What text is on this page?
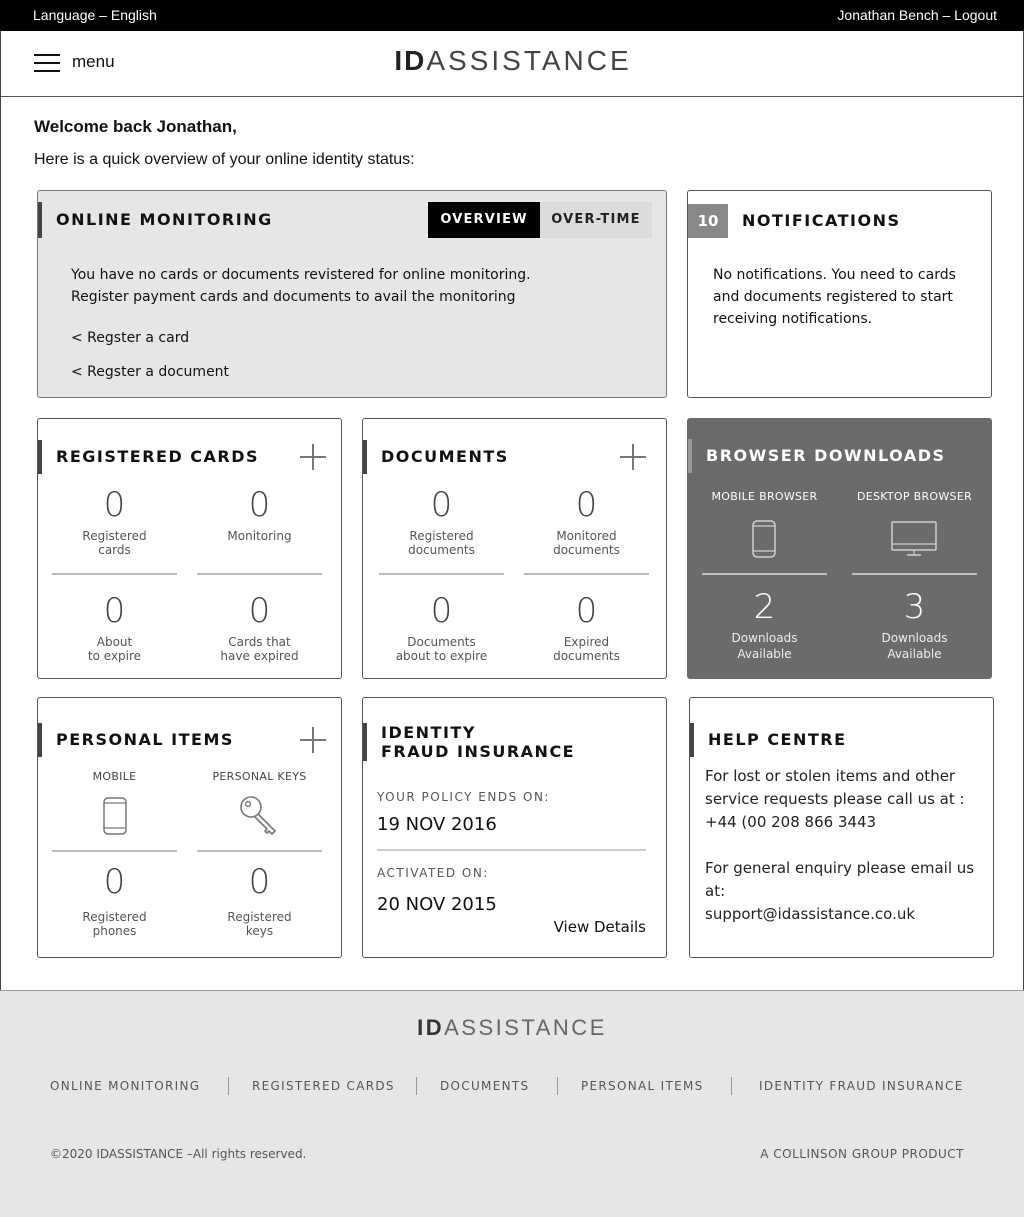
Language – English	Jonathan Bench – Logout
menu	IDASSISTANCE
Welcome back Jonathan,
Here is a quick overview of your online identity status:
ONLINE MONITORING	OVERVIEW	OVER-TIME
You have no cards or documents revistered for online monitoring.
Register payment cards and documents to avail the monitoring
< Regster a card
< Regster a document
10	NOTIFICATIONS
No notifications. You need to cards
and documents registered to start
receiving notifications.
REGISTERED CARDS
0
Registered
cards
0
Monitoring
0
About
to expire
0
Cards that
have expired
DOCUMENTS
0
Registered
documents
0
Monitored
documents
0
Documents
about to expire
0
Expired
documents
BROWSER DOWNLOADS
MOBILE BROWSER	DESKTOP BROWSER
2
Downloads
Available
3
Downloads
Available
PERSONAL ITEMS
MOBILE	PERSONAL KEYS
0
Registered
phones
0
Registered
keys
IDENTITY
FRAUD INSURANCE
YOUR POLICY ENDS ON:
19 NOV 2016
ACTIVATED ON:
20 NOV 2015
View Details
HELP CENTRE
For lost or stolen items and other
service requests please call us at :
+44 (00 208 866 3443
For general enquiry please email us at:
support@idassistance.co.uk
IDASSISTANCE
ONLINE MONITORING	REGISTERED CARDS	DOCUMENTS	PERSONAL ITEMS	IDENTITY FRAUD INSURANCE
©2020 IDASSISTANCE –All rights reserved.	A COLLINSON GROUP PRODUCT
